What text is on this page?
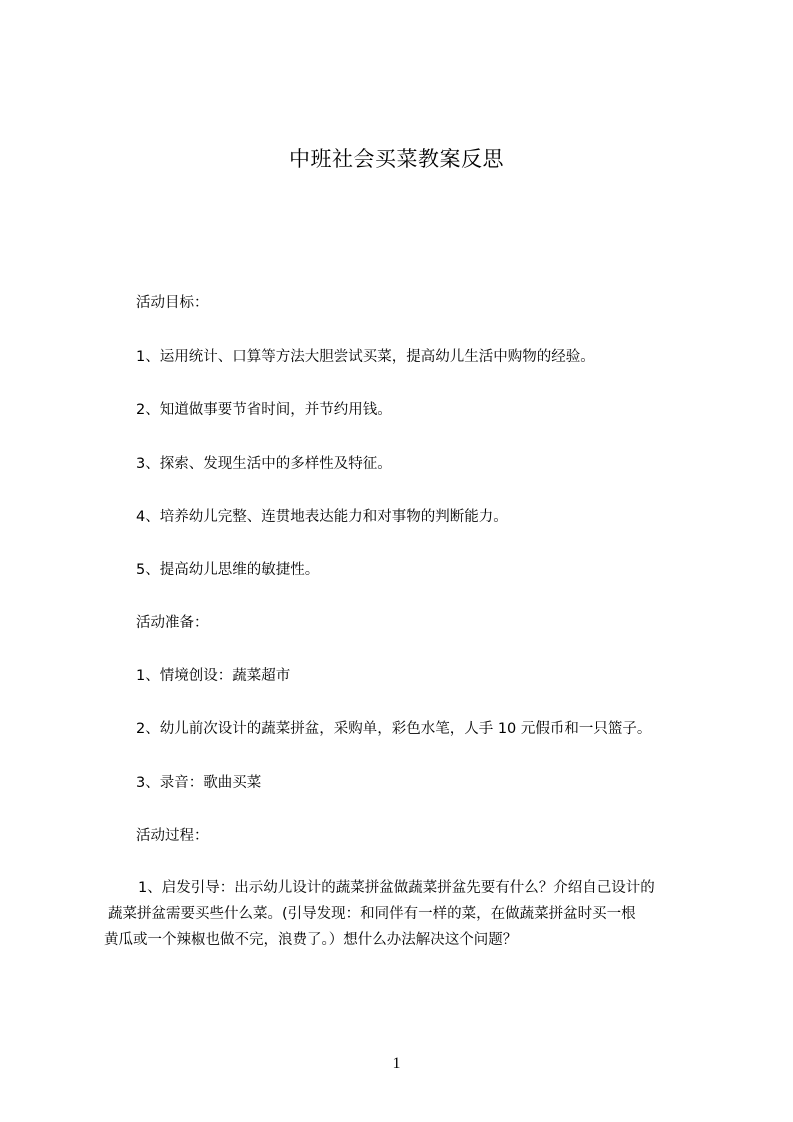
中班社会买菜教案反思
活动目标：
1、运用统计、口算等方法大胆尝试买菜，提高幼儿生活中购物的经验。
2、知道做事要节省时间，并节约用钱。
3、探索、发现生活中的多样性及特征。
4、培养幼儿完整、连贯地表达能力和对事物的判断能力。
5、提高幼儿思维的敏捷性。
活动准备：
1、情境创设：蔬菜超市
2、幼儿前次设计的蔬菜拼盆，采购单，彩色水笔，人手 10 元假币和一只篮子。
3、录音：歌曲买菜
活动过程：
1、启发引导：出示幼儿设计的蔬菜拼盆做蔬菜拼盆先要有什么？介绍自己设计的
蔬菜拼盆需要买些什么菜。(引导发现：和同伴有一样的菜，在做蔬菜拼盆时买一根
黄瓜或一个辣椒也做不完，浪费了。）想什么办法解决这个问题？
1
